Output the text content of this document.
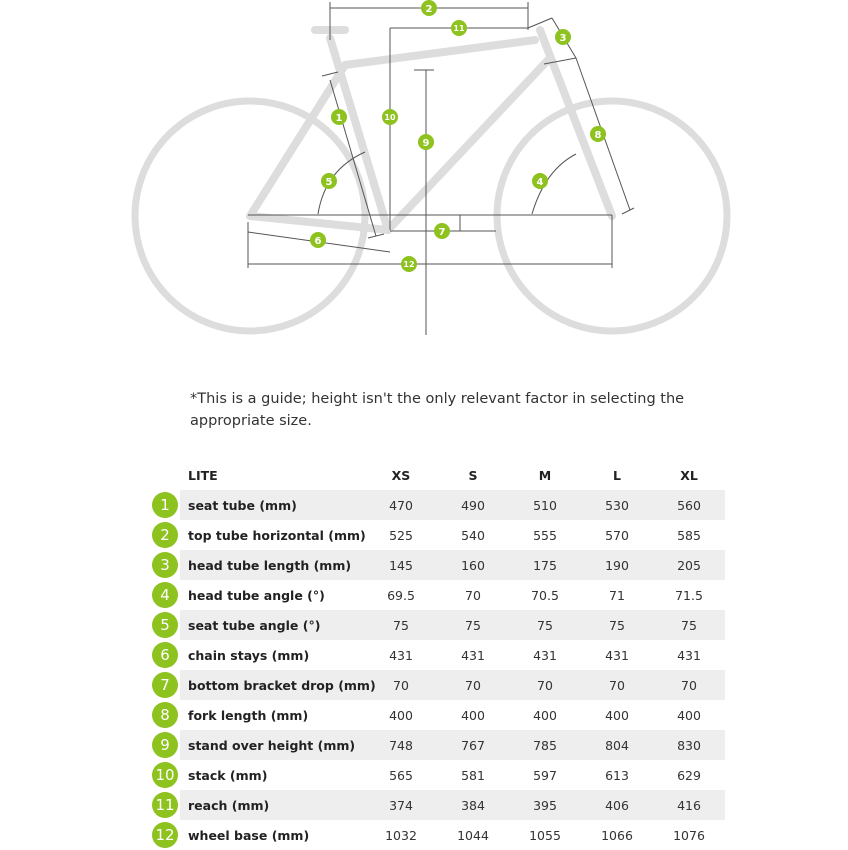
1
2
3
4
5
6
7
8
9
10
11
12

*This is a guide; height isn't the only relevant factor in selecting the appropriate size.

	LITE	XS	S	M	L	XL
1	seat tube (mm)	470	490	510	530	560
2	top tube horizontal (mm)	525	540	555	570	585
3	head tube length (mm)	145	160	175	190	205
4	head tube angle (°)	69.5	70	70.5	71	71.5
5	seat tube angle (°)	75	75	75	75	75
6	chain stays (mm)	431	431	431	431	431
7	bottom bracket drop (mm)	70	70	70	70	70
8	fork length (mm)	400	400	400	400	400
9	stand over height (mm)	748	767	785	804	830
10	stack (mm)	565	581	597	613	629
11	reach (mm)	374	384	395	406	416
12	wheel base (mm)	1032	1044	1055	1066	1076
